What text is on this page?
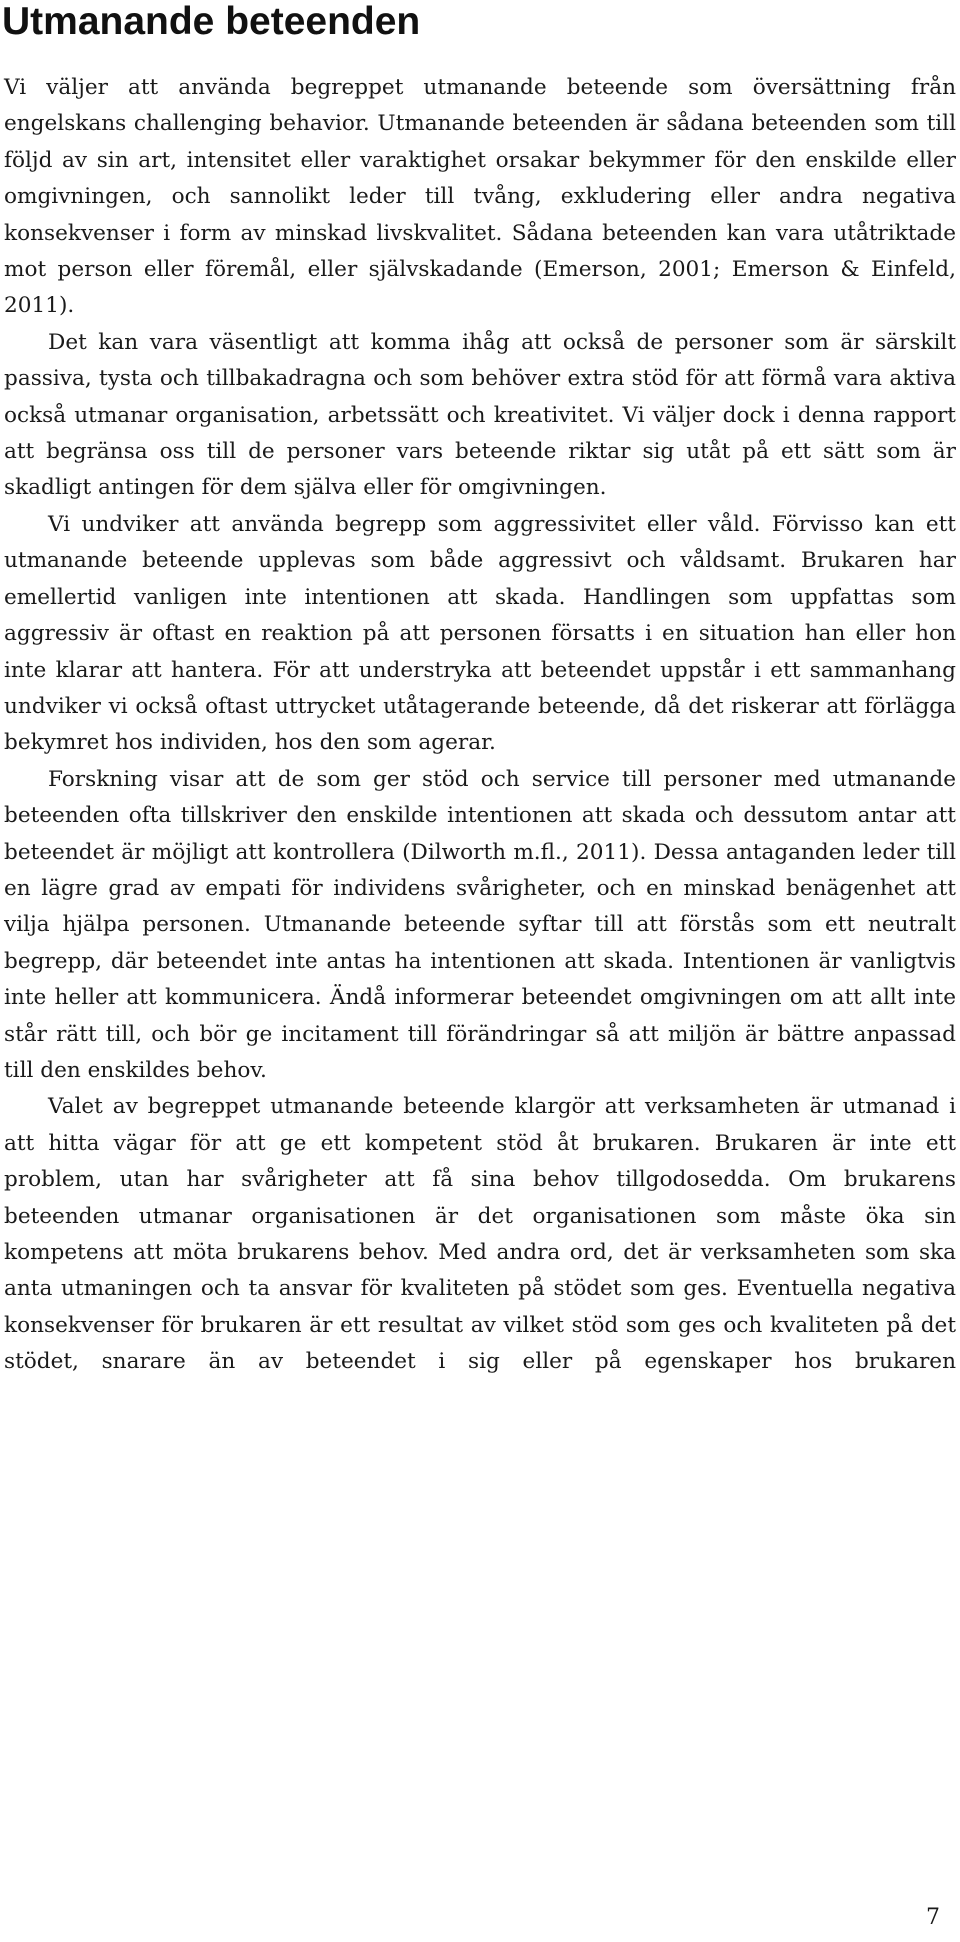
Utmanande beteenden

Vi väljer att använda begreppet utmanande beteende som översättning från engelskans challenging behavior. Utmanande beteenden är sådana beteenden som till följd av sin art, intensitet eller varaktighet orsakar bekymmer för den enskilde eller omgivningen, och sannolikt leder till tvång, exkludering eller andra negativa konsekvenser i form av minskad livskvalitet. Sådana beteenden kan vara utåtriktade mot person eller föremål, eller självskadande (Emerson, 2001; Emerson & Einfeld, 2011).

Det kan vara väsentligt att komma ihåg att också de personer som är särskilt passiva, tysta och tillbakadragna och som behöver extra stöd för att förmå vara aktiva också utmanar organisation, arbetssätt och kreativitet. Vi väljer dock i denna rapport att begränsa oss till de personer vars beteende riktar sig utåt på ett sätt som är skadligt antingen för dem själva eller för omgivningen.

Vi undviker att använda begrepp som aggressivitet eller våld. Förvisso kan ett utmanande beteende upplevas som både aggressivt och våldsamt. Brukaren har emellertid vanligen inte intentionen att skada. Handlingen som uppfattas som aggressiv är oftast en reaktion på att personen försatts i en situation han eller hon inte klarar att hantera. För att understryka att beteendet uppstår i ett sammanhang undviker vi också oftast uttrycket utåtagerande beteende, då det riskerar att förlägga bekymret hos individen, hos den som agerar.

Forskning visar att de som ger stöd och service till personer med utmanande beteenden ofta tillskriver den enskilde intentionen att skada och dessutom antar att beteendet är möjligt att kontrollera (Dilworth m.fl., 2011). Dessa antaganden leder till en lägre grad av empati för individens svårigheter, och en minskad benägenhet att vilja hjälpa personen. Utmanande beteende syftar till att förstås som ett neutralt begrepp, där beteendet inte antas ha intentionen att skada. Intentionen är vanligtvis inte heller att kommunicera. Ändå informerar beteendet omgivningen om att allt inte står rätt till, och bör ge incitament till förändringar så att miljön är bättre anpassad till den enskildes behov.

Valet av begreppet utmanande beteende klargör att verksamheten är utmanad i att hitta vägar för att ge ett kompetent stöd åt brukaren. Brukaren är inte ett problem, utan har svårigheter att få sina behov tillgodosedda. Om brukarens beteenden utmanar organisationen är det organisationen som måste öka sin kompetens att möta brukarens behov. Med andra ord, det är verksamheten som ska anta utmaningen och ta ansvar för kvaliteten på stödet som ges. Eventuella negativa konsekvenser för brukaren är ett resultat av vilket stöd som ges och kvaliteten på det stödet, snarare än av beteendet i sig eller på egenskaper hos brukaren

7
